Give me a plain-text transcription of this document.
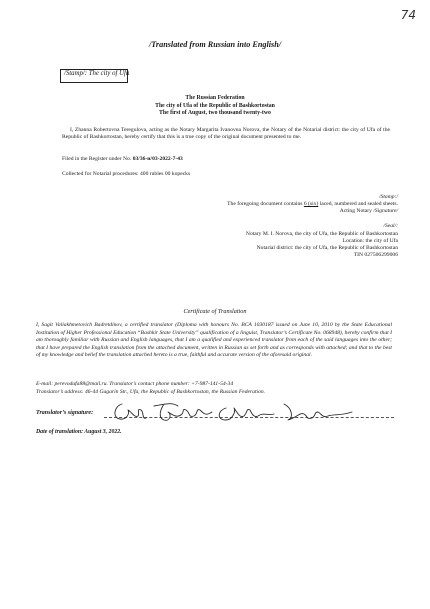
74
/Translated from Russian into English/
/Stamp/: The city of Ufa
The Russian Federation
The city of Ufa of the Republic of Bashkortostan
The first of August, two thousand twenty-two
I, Zhanna Robertovna Teregulova, acting as the Notary Margarita Ivanovna Norova, the Notary of the Notarial district: the city of Ufa of the Republic of Bashkortostan, hereby certify that this is a true copy of the original document presented to me.
Filed in the Register under No. 03/36-н/03-2022-7-43
Collected for Notarial procedures: 400 rubles 00 kopecks
/Stamp:/
The foregoing document contains 6 (six) laced, numbered and sealed sheets.
Acting Notary /Signature/
/Seal/:
Notary M. I. Norova, the city of Ufa, the Republic of Bashkortostan
Location: the city of Ufa
Notarial district: the city of Ufa, the Republic of Bashkortostan
TIN 027506299006
Certificate of Translation
I, Sagit Valiakhmetovich Badretdinov, a certified translator (Diploma with honours No. BCA 1030187 issued on June 10, 2010 by the State Educational Institution of Higher Professional Education “Bashkir State University” qualification of a linguist, Translator’s Certificate No. 068948), hereby confirm that I am thoroughly familiar with Russian and English languages, that I am a qualified and experienced translator from each of the said languages into the other; that I have prepared the English translation from the attached document, written in Russian as set forth and as corresponds with attached; and that to the best of my knowledge and belief the translation attached hereto is a true, faithful and accurate version of the aforesaid original.
E-mail: perevodufa88@mail.ru. Translator’s contact phone number: +7-987-141-54-34
Translator’s address: 46-44 Gagarin Str., Ufa, the Republic of Bashkortostan, the Russian Federation.
Translator’s signature:
Date of translation: August 3, 2022.
